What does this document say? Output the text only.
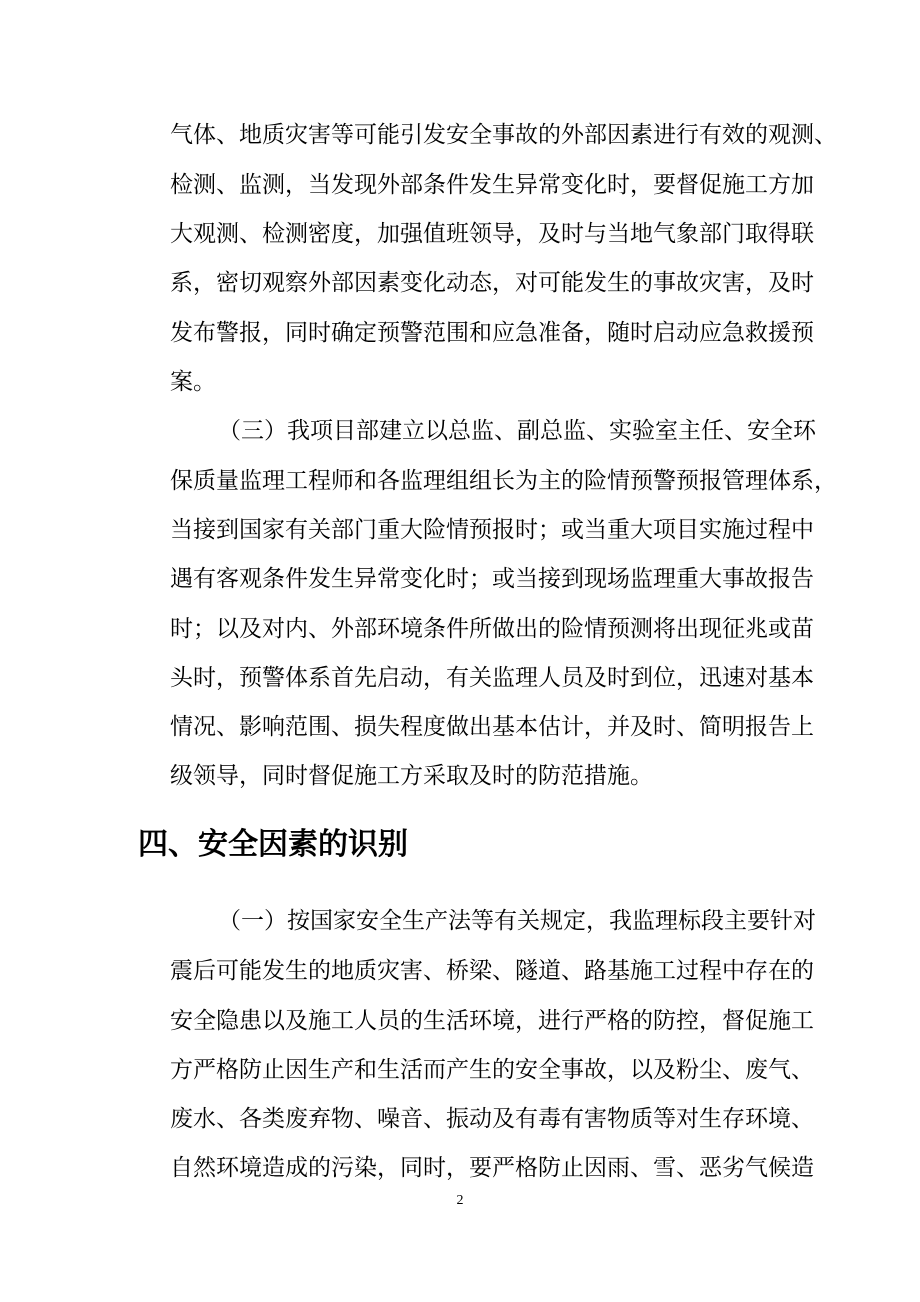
气体、地质灾害等可能引发安全事故的外部因素进行有效的观测、
检测、监测，当发现外部条件发生异常变化时，要督促施工方加
大观测、检测密度，加强值班领导，及时与当地气象部门取得联
系，密切观察外部因素变化动态，对可能发生的事故灾害，及时
发布警报，同时确定预警范围和应急准备，随时启动应急救援预
案。
（三）我项目部建立以总监、副总监、实验室主任、安全环
保质量监理工程师和各监理组组长为主的险情预警预报管理体系，
当接到国家有关部门重大险情预报时；或当重大项目实施过程中
遇有客观条件发生异常变化时；或当接到现场监理重大事故报告
时；以及对内、外部环境条件所做出的险情预测将出现征兆或苗
头时，预警体系首先启动，有关监理人员及时到位，迅速对基本
情况、影响范围、损失程度做出基本估计，并及时、简明报告上
级领导，同时督促施工方采取及时的防范措施。
四、安全因素的识别
（一）按国家安全生产法等有关规定，我监理标段主要针对
震后可能发生的地质灾害、桥梁、隧道、路基施工过程中存在的
安全隐患以及施工人员的生活环境，进行严格的防控，督促施工
方严格防止因生产和生活而产生的安全事故，以及粉尘、废气、
废水、各类废弃物、噪音、振动及有毒有害物质等对生存环境、
自然环境造成的污染，同时，要严格防止因雨、雪、恶劣气候造
2
